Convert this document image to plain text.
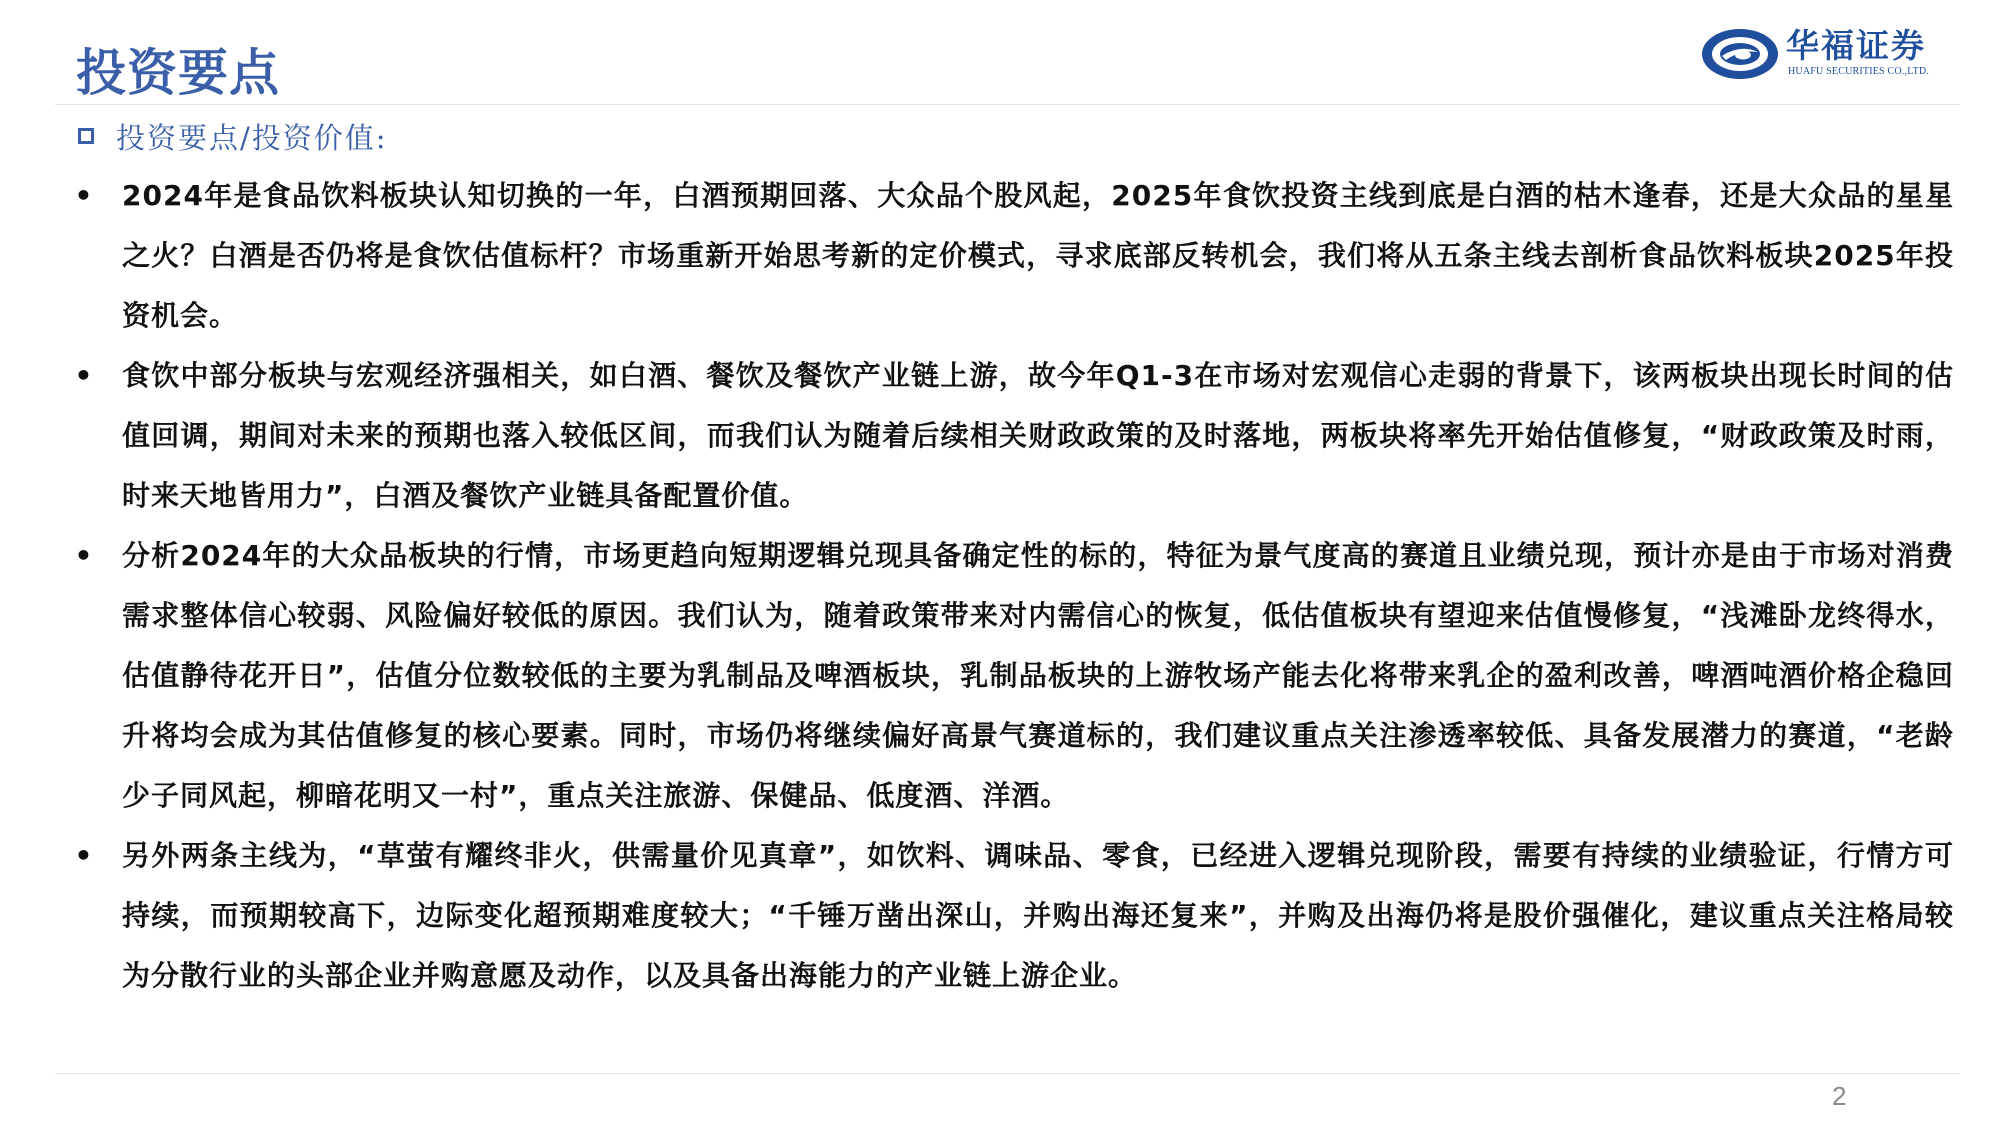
投资要点	华福证券
HUAFU SECURITIES CO.,LTD.
投资要点/投资价值:
• 2024年是食品饮料板块认知切换的一年，白酒预期回落、大众品个股风起，2025年食饮投资主线到底是白酒的枯木逢春，还是大众品的星星之火？白酒是否仍将是食饮估值标杆？市场重新开始思考新的定价模式，寻求底部反转机会，我们将从五条主线去剖析食品饮料板块2025年投资机会。
• 食饮中部分板块与宏观经济强相关，如白酒、餐饮及餐饮产业链上游，故今年Q1-3在市场对宏观信心走弱的背景下，该两板块出现长时间的估值回调，期间对未来的预期也落入较低区间，而我们认为随着后续相关财政政策的及时落地，两板块将率先开始估值修复，“财政政策及时雨，时来天地皆用力”，白酒及餐饮产业链具备配置价值。
• 分析2024年的大众品板块的行情，市场更趋向短期逻辑兑现具备确定性的标的，特征为景气度高的赛道且业绩兑现，预计亦是由于市场对消费需求整体信心较弱、风险偏好较低的原因。我们认为，随着政策带来对内需信心的恢复，低估值板块有望迎来估值慢修复，“浅滩卧龙终得水，估值静待花开日”，估值分位数较低的主要为乳制品及啤酒板块，乳制品板块的上游牧场产能去化将带来乳企的盈利改善，啤酒吨酒价格企稳回升将均会成为其估值修复的核心要素。同时，市场仍将继续偏好高景气赛道标的，我们建议重点关注渗透率较低、具备发展潜力的赛道，“老龄少子同风起，柳暗花明又一村”，重点关注旅游、保健品、低度酒、洋酒。
• 另外两条主线为，“草萤有耀终非火，供需量价见真章”，如饮料、调味品、零食，已经进入逻辑兑现阶段，需要有持续的业绩验证，行情方可持续，而预期较高下，边际变化超预期难度较大；“千锤万凿出深山，并购出海还复来”，并购及出海仍将是股价强催化，建议重点关注格局较为分散行业的头部企业并购意愿及动作，以及具备出海能力的产业链上游企业。
2
